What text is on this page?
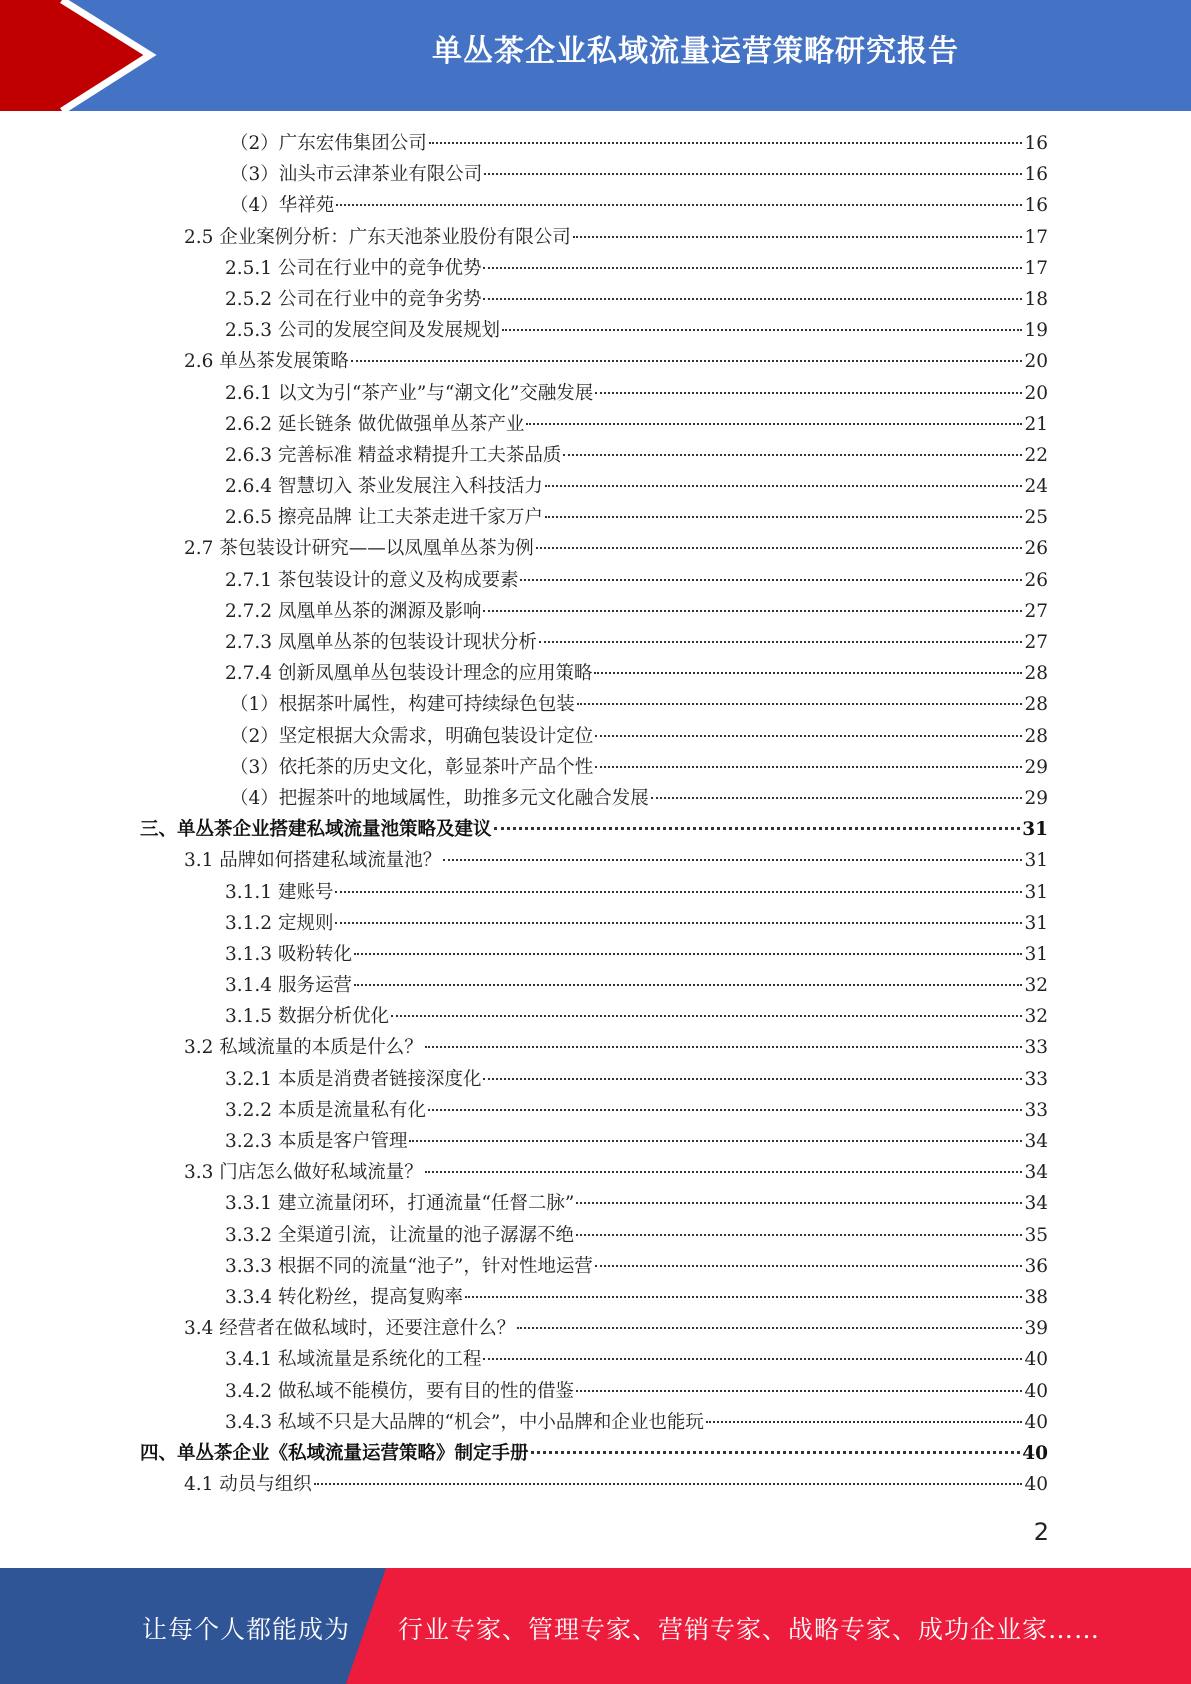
单丛茶企业私域流量运营策略研究报告
（2）广东宏伟集团公司	16
（3）汕头市云津茶业有限公司	16
（4）华祥苑	16
2.5 企业案例分析：广东天池茶业股份有限公司	17
2.5.1 公司在行业中的竞争优势	17
2.5.2 公司在行业中的竞争劣势	18
2.5.3 公司的发展空间及发展规划	19
2.6 单丛茶发展策略	20
2.6.1 以文为引“茶产业”与“潮文化”交融发展	20
2.6.2 延长链条 做优做强单丛茶产业	21
2.6.3 完善标准 精益求精提升工夫茶品质	22
2.6.4 智慧切入 茶业发展注入科技活力	24
2.6.5 擦亮品牌 让工夫茶走进千家万户	25
2.7 茶包装设计研究——以凤凰单丛茶为例	26
2.7.1 茶包装设计的意义及构成要素	26
2.7.2 凤凰单丛茶的渊源及影响	27
2.7.3 凤凰单丛茶的包装设计现状分析	27
2.7.4 创新凤凰单丛包装设计理念的应用策略	28
（1）根据茶叶属性，构建可持续绿色包装	28
（2）坚定根据大众需求，明确包装设计定位	28
（3）依托茶的历史文化，彰显茶叶产品个性	29
（4）把握茶叶的地域属性，助推多元文化融合发展	29
三、单丛茶企业搭建私域流量池策略及建议	31
3.1 品牌如何搭建私域流量池？	31
3.1.1 建账号	31
3.1.2 定规则	31
3.1.3 吸粉转化	31
3.1.4 服务运营	32
3.1.5 数据分析优化	32
3.2 私域流量的本质是什么？	33
3.2.1 本质是消费者链接深度化	33
3.2.2 本质是流量私有化	33
3.2.3 本质是客户管理	34
3.3 门店怎么做好私域流量？	34
3.3.1 建立流量闭环，打通流量“任督二脉”	34
3.3.2 全渠道引流，让流量的池子潺潺不绝	35
3.3.3 根据不同的流量“池子”，针对性地运营	36
3.3.4 转化粉丝，提高复购率	38
3.4 经营者在做私域时，还要注意什么？	39
3.4.1 私域流量是系统化的工程	40
3.4.2 做私域不能模仿，要有目的性的借鉴	40
3.4.3 私域不只是大品牌的“机会”，中小品牌和企业也能玩	40
四、单丛茶企业《私域流量运营策略》制定手册	40
4.1 动员与组织	40
2
让每个人都能成为 行业专家、管理专家、营销专家、战略专家、成功企业家……
